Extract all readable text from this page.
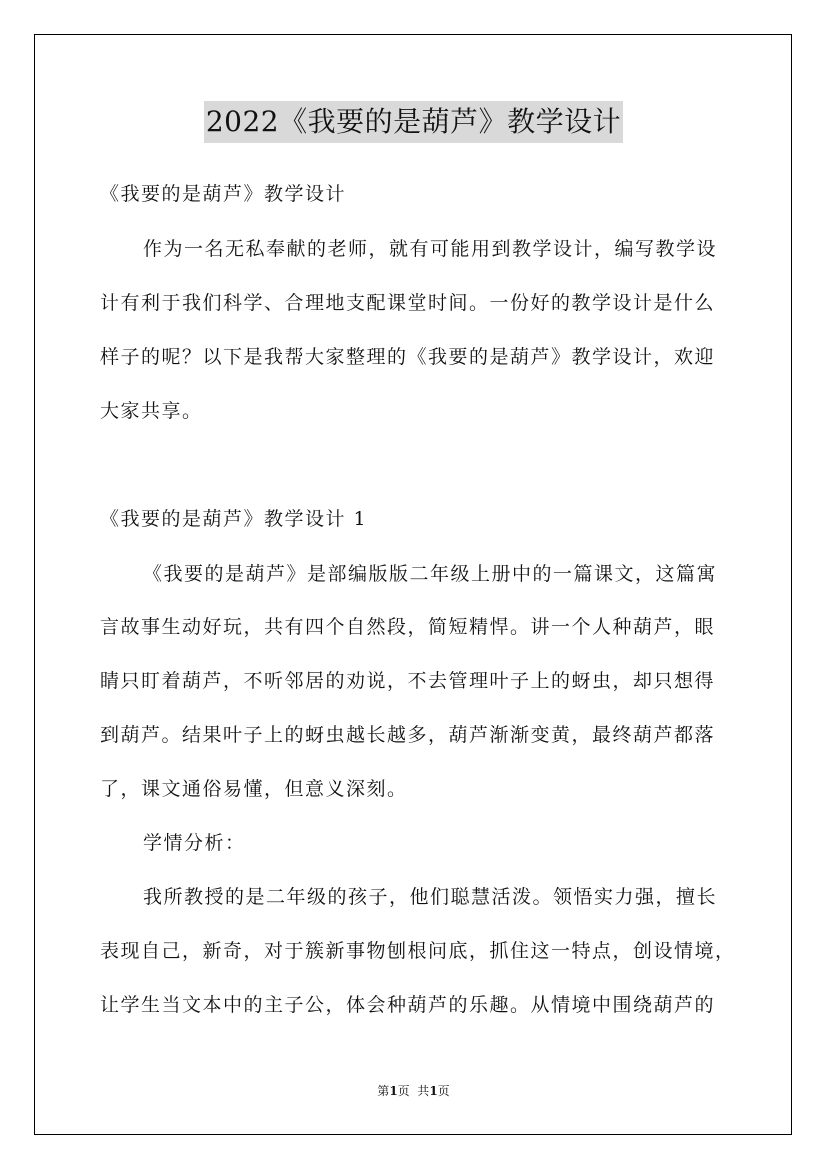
2022《我要的是葫芦》教学设计
《我要的是葫芦》教学设计
作为一名无私奉献的老师，就有可能用到教学设计，编写教学设
计有利于我们科学、合理地支配课堂时间。一份好的教学设计是什么
样子的呢？以下是我帮大家整理的《我要的是葫芦》教学设计，欢迎
大家共享。
《我要的是葫芦》教学设计 1
《我要的是葫芦》是部编版版二年级上册中的一篇课文，这篇寓
言故事生动好玩，共有四个自然段，简短精悍。讲一个人种葫芦，眼
睛只盯着葫芦，不听邻居的劝说，不去管理叶子上的蚜虫，却只想得
到葫芦。结果叶子上的蚜虫越长越多，葫芦渐渐变黄，最终葫芦都落
了，课文通俗易懂，但意义深刻。
学情分析：
我所教授的是二年级的孩子，他们聪慧活泼。领悟实力强，擅长
表现自己，新奇，对于簇新事物刨根问底，抓住这一特点，创设情境，
让学生当文本中的主子公，体会种葫芦的乐趣。从情境中围绕葫芦的
第1页  共1页
